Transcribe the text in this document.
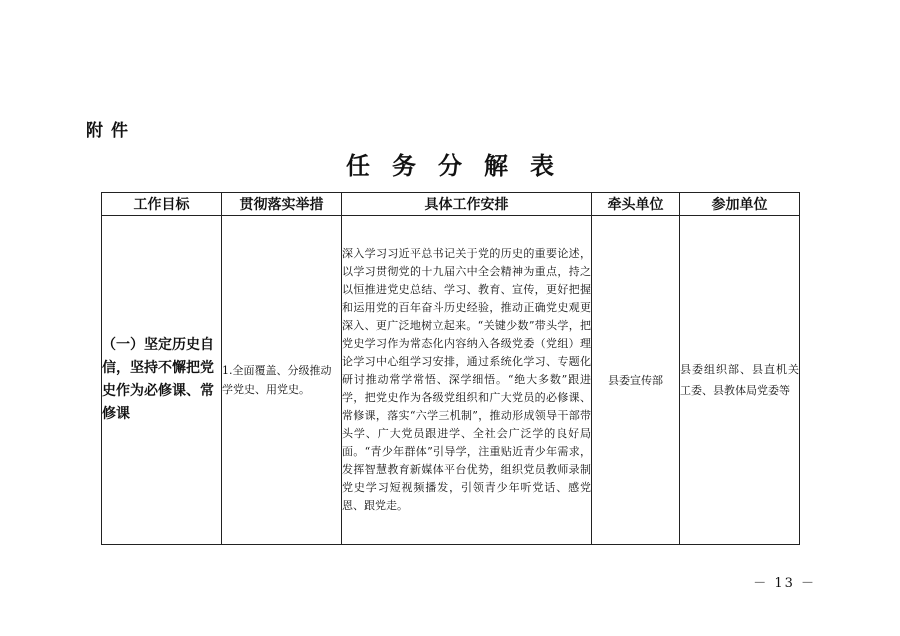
附件
任务分解表
工作目标	贯彻落实举措	具体工作安排	牵头单位	参加单位
（一）坚定历史自信，坚持不懈把党史作为必修课、常修课	1.全面覆盖、分级推动学党史、用党史。	深入学习习近平总书记关于党的历史的重要论述，以学习贯彻党的十九届六中全会精神为重点，持之以恒推进党史总结、学习、教育、宣传，更好把握和运用党的百年奋斗历史经验，推动正确党史观更深入、更广泛地树立起来。“关键少数”带头学，把党史学习作为常态化内容纳入各级党委（党组）理论学习中心组学习安排，通过系统化学习、专题化研讨推动常学常悟、深学细悟。“绝大多数”跟进学，把党史作为各级党组织和广大党员的必修课、常修课，落实“六学三机制”，推动形成领导干部带头学、广大党员跟进学、全社会广泛学的良好局面。“青少年群体”引导学，注重贴近青少年需求，发挥智慧教育新媒体平台优势，组织党员教师录制党史学习短视频播发，引领青少年听党话、感党恩、跟党走。	县委宣传部	县委组织部、县直机关工委、县教体局党委等
－ 13 －
